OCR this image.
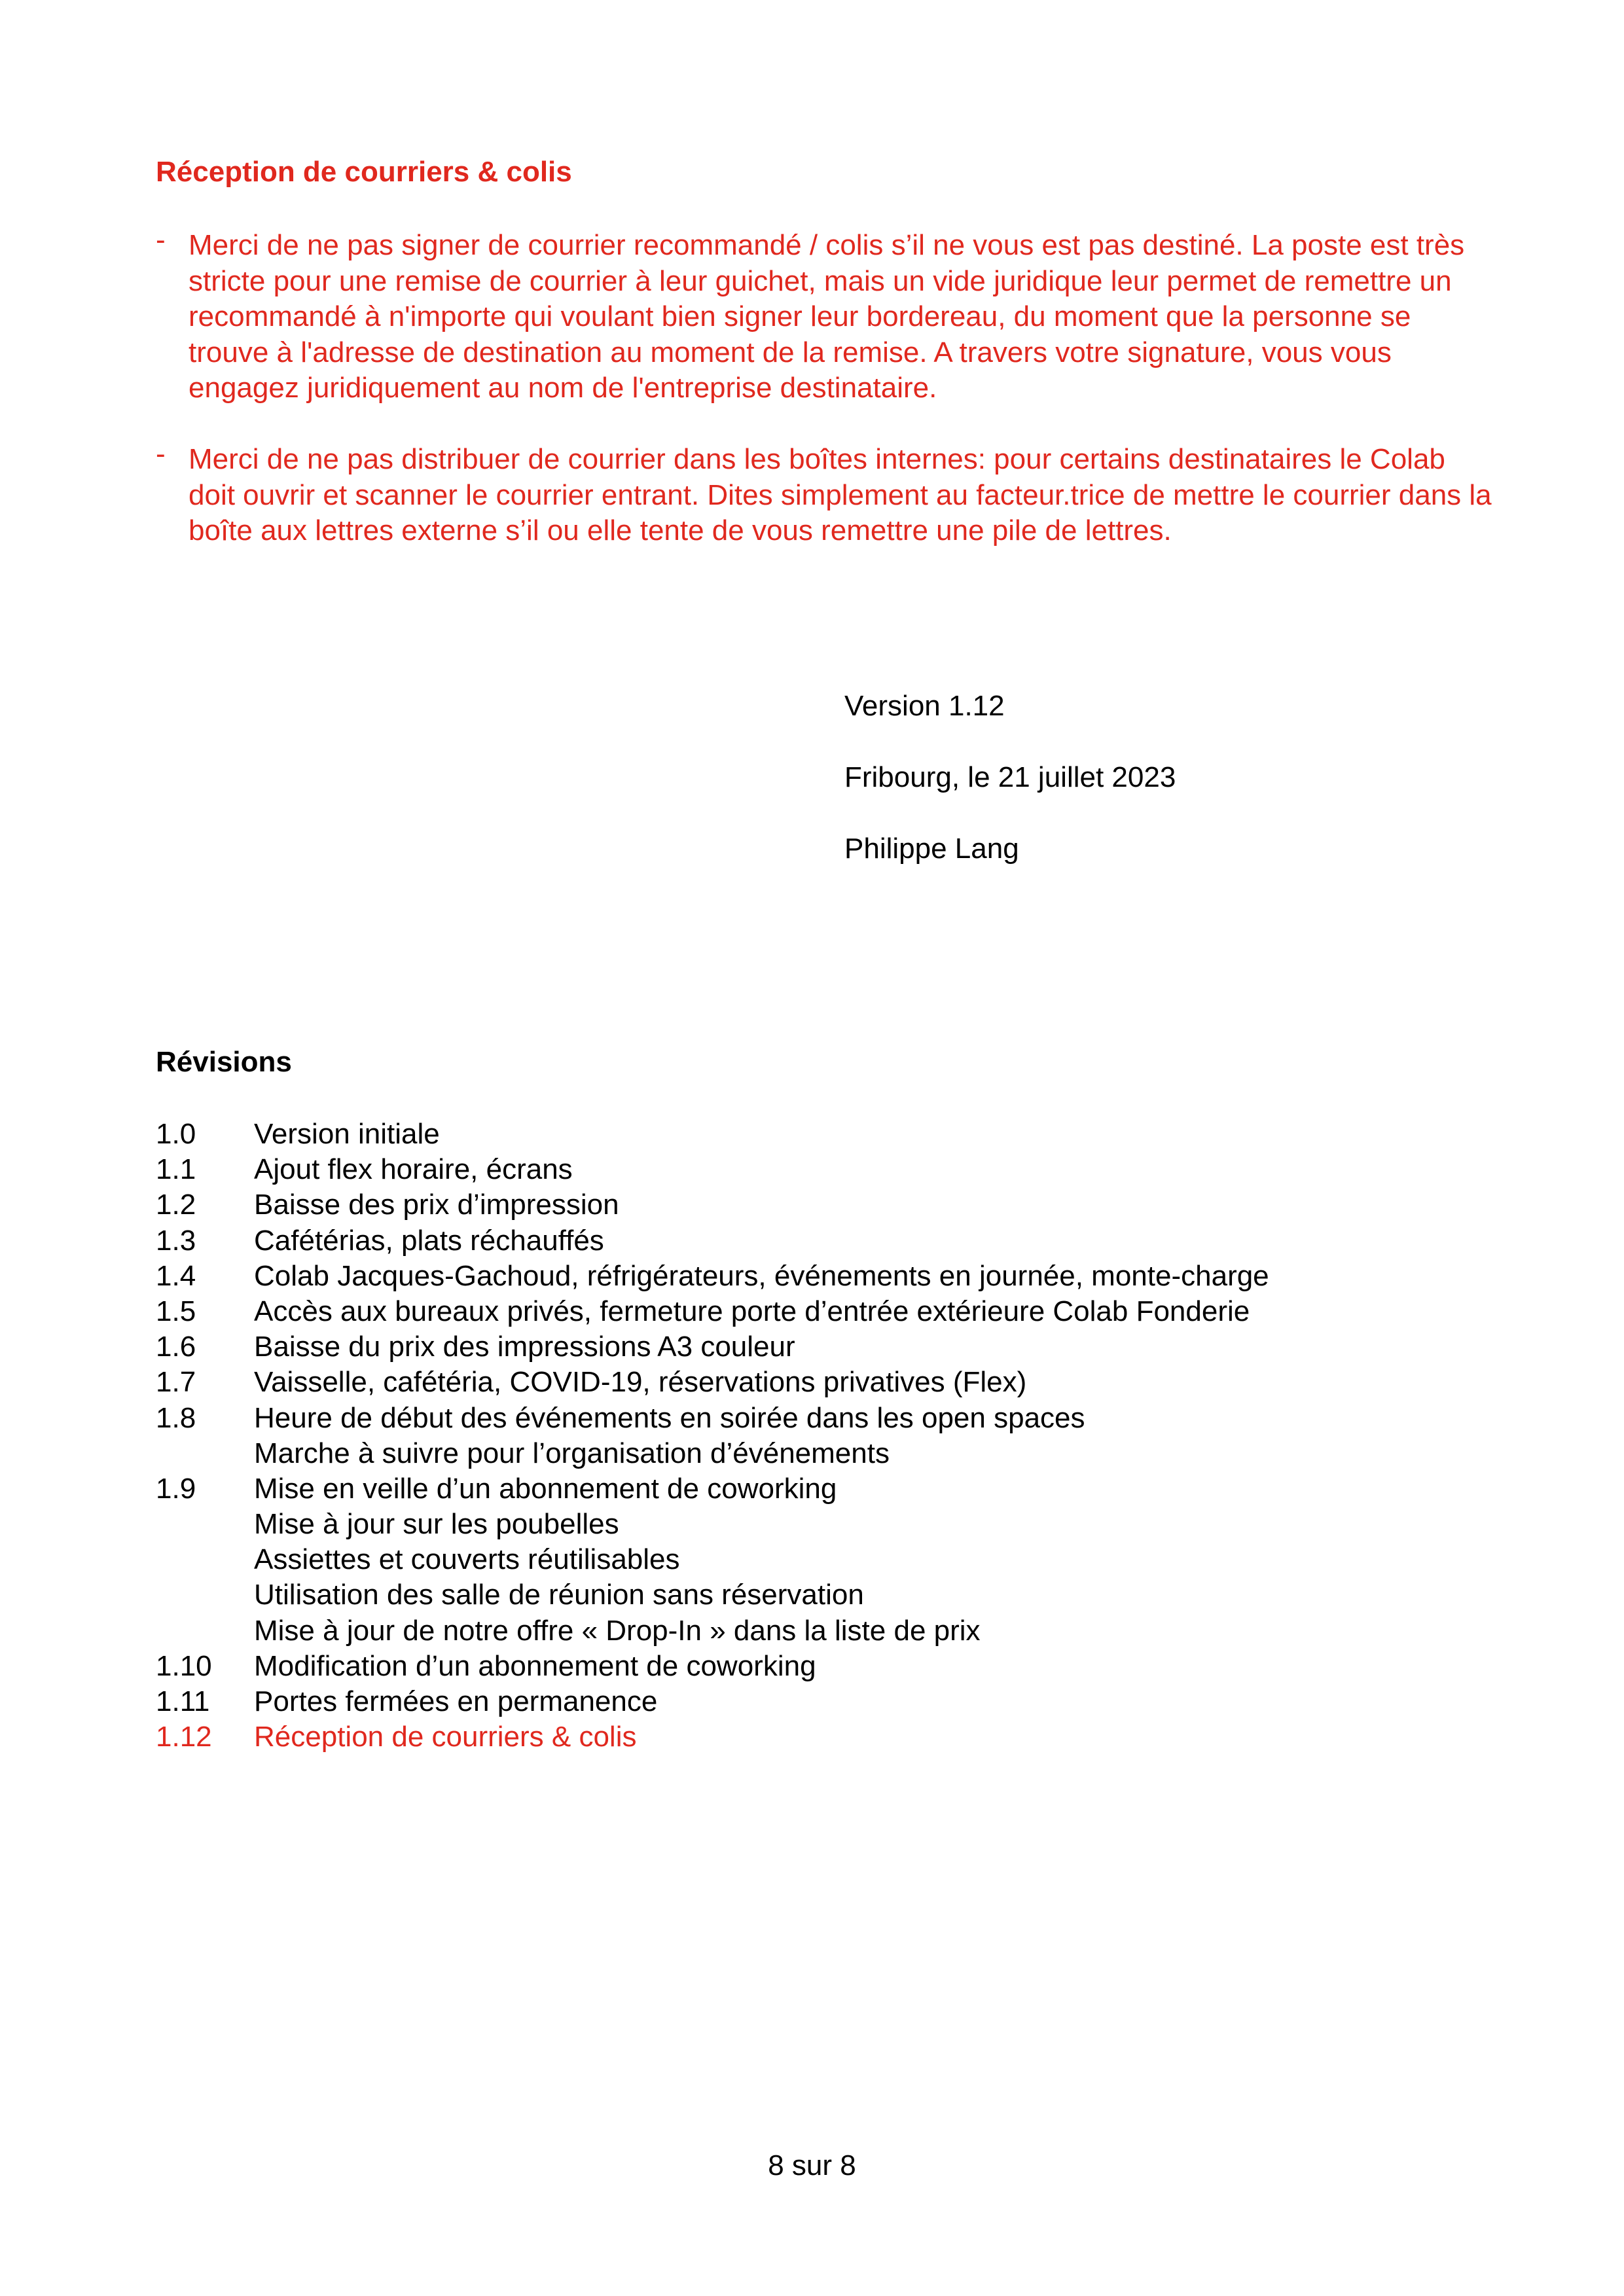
Réception de courriers & colis
- Merci de ne pas signer de courrier recommandé / colis s’il ne vous est pas destiné. La poste est très stricte pour une remise de courrier à leur guichet, mais un vide juridique leur permet de remettre un recommandé à n'importe qui voulant bien signer leur bordereau, du moment que la personne se trouve à l'adresse de destination au moment de la remise. A travers votre signature, vous vous engagez juridiquement au nom de l'entreprise destinataire.
- Merci de ne pas distribuer de courrier dans les boîtes internes: pour certains destinataires le Colab doit ouvrir et scanner le courrier entrant. Dites simplement au facteur.trice de mettre le courrier dans la boîte aux lettres externe s’il ou elle tente de vous remettre une pile de lettres.
Version 1.12
Fribourg, le 21 juillet 2023
Philippe Lang
Révisions
1.0	Version initiale
1.1	Ajout flex horaire, écrans
1.2	Baisse des prix d’impression
1.3	Cafétérias, plats réchauffés
1.4	Colab Jacques-Gachoud, réfrigérateurs, événements en journée, monte-charge
1.5	Accès aux bureaux privés, fermeture porte d’entrée extérieure Colab Fonderie
1.6	Baisse du prix des impressions A3 couleur
1.7	Vaisselle, cafétéria, COVID-19, réservations privatives (Flex)
1.8	Heure de début des événements en soirée dans les open spaces
Marche à suivre pour l’organisation d’événements
1.9	Mise en veille d’un abonnement de coworking
Mise à jour sur les poubelles
Assiettes et couverts réutilisables
Utilisation des salle de réunion sans réservation
Mise à jour de notre offre « Drop-In » dans la liste de prix
1.10	Modification d’un abonnement de coworking
1.11	Portes fermées en permanence
1.12	Réception de courriers & colis
8 sur 8
